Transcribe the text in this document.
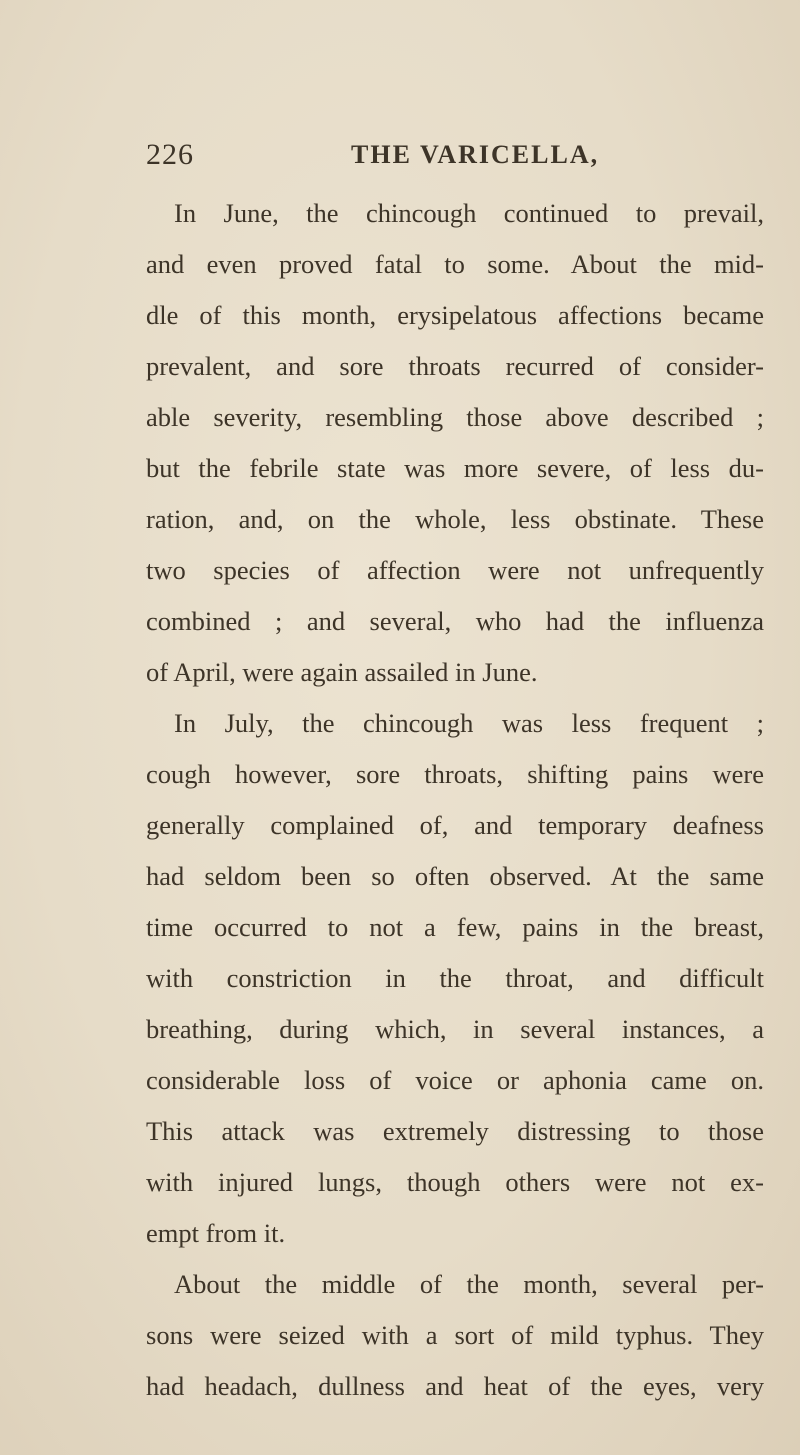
226	THE VARICELLA,
In June, the chincough continued to prevail,
and even proved fatal to some. About the mid-
dle of this month, erysipelatous affections became
prevalent, and sore throats recurred of consider-
able severity, resembling those above described ;
but the febrile state was more severe, of less du-
ration, and, on the whole, less obstinate. These
two species of affection were not unfrequently
combined ; and several, who had the influenza
of April, were again assailed in June.
In July, the chincough was less frequent ;
cough however, sore throats, shifting pains were
generally complained of, and temporary deafness
had seldom been so often observed. At the same
time occurred to not a few, pains in the breast,
with constriction in the throat, and difficult
breathing, during which, in several instances, a
considerable loss of voice or aphonia came on.
This attack was extremely distressing to those
with injured lungs, though others were not ex-
empt from it.
About the middle of the month, several per-
sons were seized with a sort of mild typhus. They
had headach, dullness and heat of the eyes, very
